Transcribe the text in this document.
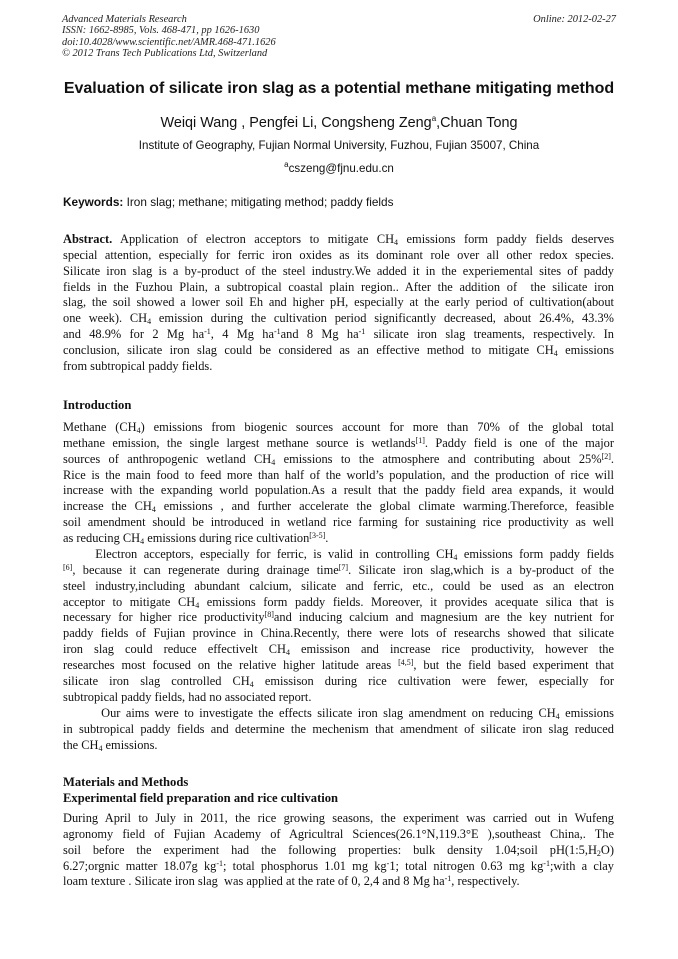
Advanced Materials Research
ISSN: 1662-8985, Vols. 468-471, pp 1626-1630
doi:10.4028/www.scientific.net/AMR.468-471.1626
© 2012 Trans Tech Publications Ltd, Switzerland
Online: 2012-02-27
Evaluation of silicate iron slag as a potential methane mitigating method
Weiqi Wang , Pengfei Li, Congsheng Zeng$^a$,Chuan Tong
Institute of Geography, Fujian Normal University, Fuzhou, Fujian 35007, China
$^a$cszeng@fjnu.edu.cn
Keywords: Iron slag; methane; mitigating method; paddy fields
Abstract. Application of electron acceptors to mitigate $CH_4$ emissions form paddy fields deserves
special attention, especially for ferric iron oxides as its dominant role over all other redox species.
Silicate iron slag is a by-product of the steel industry.We added it in the experiemental sites of paddy
fields in the Fuzhou Plain, a subtropical coastal plain region.. After the addition of  the silicate iron
slag, the soil showed a lower soil Eh and higher pH, especially at the early period of cultivation(about
one week). $CH_4$ emission during the cultivation period significantly decreased, about 26.4%, 43.3%
and 48.9% for 2 Mg $ha^{-1}$, 4 Mg $ha^{-1}and$ 8 Mg $ha^{-1}$ silicate iron slag treaments, respectively. In
conclusion, silicate iron slag could be considered as an effective method to mitigate $CH_4$ emissions
from subtropical paddy fields.
Introduction
Methane $(CH_4)$ emissions from biogenic sources account for more than 70% of the global total
methane emission, the single largest methane source is wetlands[1]. Paddy field is one of the major
sources of anthropogenic wetland $CH_4$ emissions to the atmosphere and contributing about 25%[2].
Rice is the main food to feed more than half of the world’s population, and the production of rice will
increase with the expanding world population.As a result that the paddy field area expands, it would
increase the $CH_4$ emissions , and further accelerate the global climate warming.Thereforce, feasible
soil amendment should be introduced in wetland rice farming for sustaining rice productivity as well
as reducing $CH_4$ emissions during rice cultivation[3-5].
Electron acceptors, especially for ferric, is valid in controlling $CH_4$ emissions form paddy fields
[6], because it can regenerate during drainage time[7]. Silicate iron slag,which is a by-product of the
steel industry,including abundant calcium, silicate and ferric, etc., could be used as an electron
acceptor to mitigate $CH_4$ emissions form paddy fields. Moreover, it provides acequate silica that is
necessary for higher rice productivity[8]and inducing calcium and magnesium are the key nutrient for
paddy fields of Fujian province in China.Recently, there were lots of researchs showed that silicate
iron slag could reduce effectivelt $CH_4$ emissison and increase rice productivity, however the
researches most focused on the relative higher latitude areas [4,5], but the field based experiment that
silicate iron slag controlled $CH_4$ emissison during rice cultivation were fewer, especially for
subtropical paddy fields, had no associated report.
Our aims were to investigate the effects silicate iron slag amendment on reducing $CH_4$ emissions
in subtropical paddy fields and determine the mechenism that amendment of silicate iron slag reduced
the $CH_4$ emissions.
Materials and Methods
Experimental field preparation and rice cultivation
During April to July in 2011, the rice growing seasons, the experiment was carried out in Wufeng
agronomy field of Fujian Academy of Agricultral Sciences(26.1°N,119.3°E ),southeast China,. The
soil before the experiment had the following properties: bulk density 1.04;soil $pH(1:5,H_2O)$
6.27;orgnic matter 18.07g $kg^{-1}$; total phosphorus 1.01 mg kg-1; total nitrogen 0.63 mg $kg^{-1};with$ a clay
loam texture . Silicate iron slag  was applied at the rate of 0, 2,4 and 8 Mg $ha^{-1}$, respectively.
